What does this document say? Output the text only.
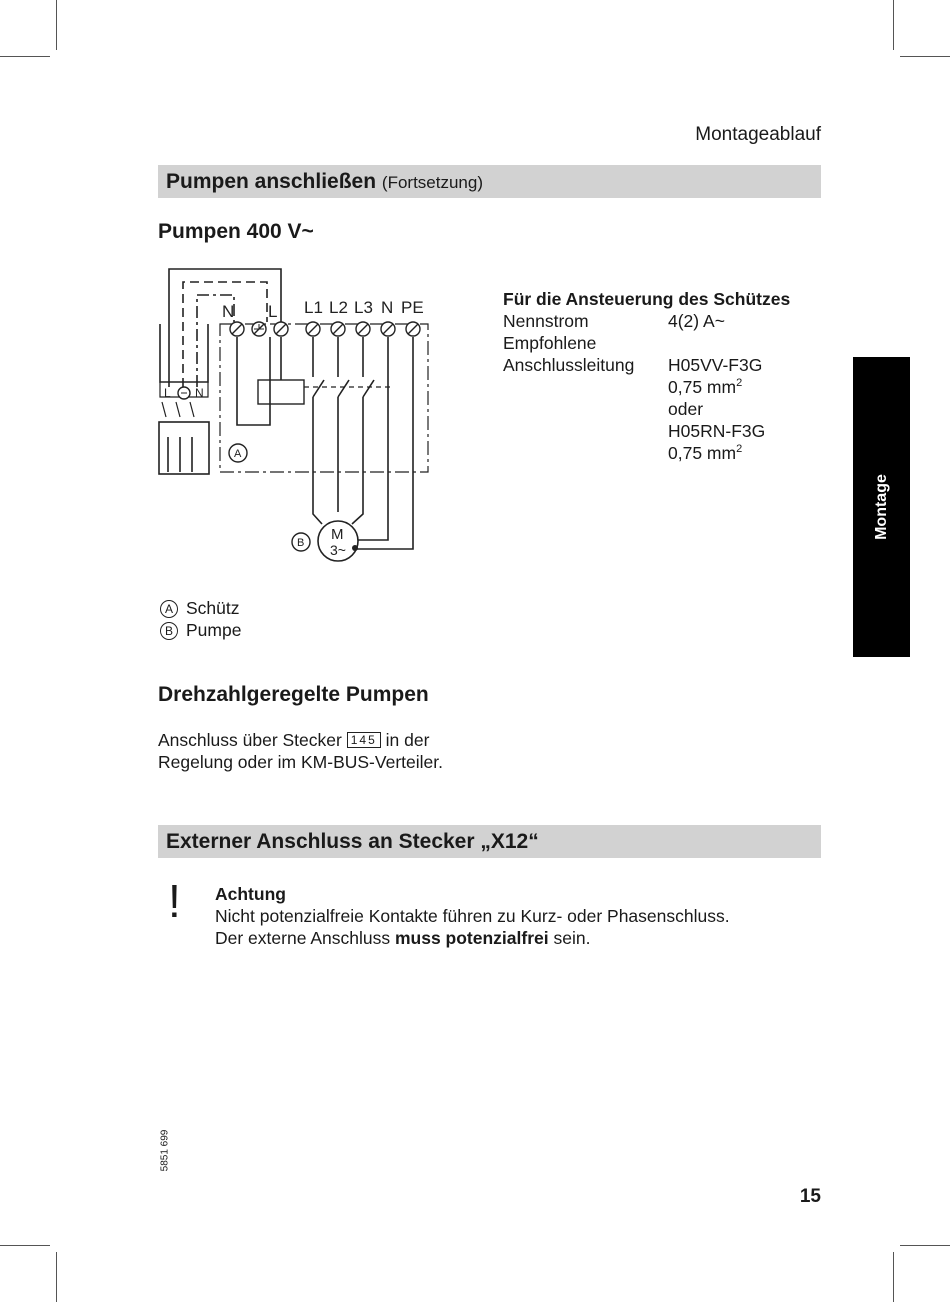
Montageablauf
Pumpen anschließen (Fortsetzung)
Pumpen 400 V~
N L L1 L2 L3 N PE
L N
A
B M
3~
Für die Ansteuerung des Schützes
Nennstrom	4(2) A~
Empfohlene
Anschlussleitung H05VV-F3G
0,75 $mm^2$
oder
H05RN-F3G
0,75 $mm^2$
A Schütz
B Pumpe
Drehzahlgeregelte Pumpen
Anschluss über Stecker 145 in der
Regelung oder im KM-BUS-Verteiler.
Externer Anschluss an Stecker „X12“
! Achtung
Nicht potenzialfreie Kontakte führen zu Kurz- oder Phasenschluss.
Der externe Anschluss muss potenzialfrei sein.
Montage
5851 699
15
